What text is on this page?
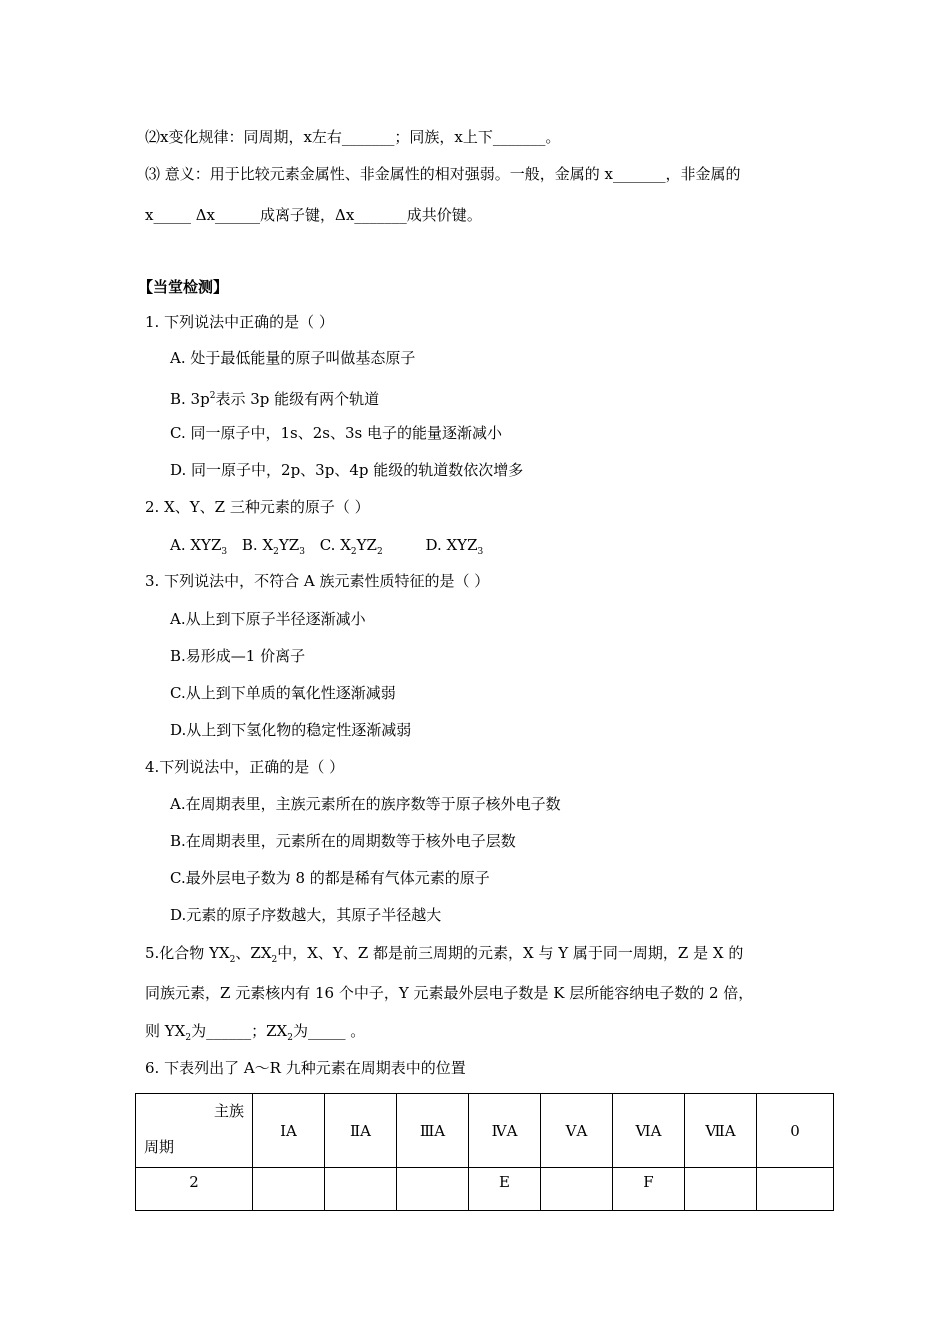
⑵x变化规律：同周期，x左右_______；同族，x上下_______。
⑶ 意义：用于比较元素金属性、非金属性的相对强弱。一般，金属的 x_______，非金属的
x_____ Δx______成离子键，Δx_______成共价键。
【当堂检测】
1. 下列说法中正确的是（ ）
A. 处于最低能量的原子叫做基态原子
B. $3p^2$表示 3p 能级有两个轨道
C. 同一原子中，1s、2s、3s 电子的能量逐渐减小
D. 同一原子中，2p、3p、4p 能级的轨道数依次增多
2. X、Y、Z 三种元素的原子（ ）
A. $XYZ_3$ B. $X_2YZ_3$ C. $X_2YZ_2$	D. $XYZ_3$
3. 下列说法中，不符合 A 族元素性质特征的是（ ）
A.从上到下原子半径逐渐减小
B.易形成—1 价离子
C.从上到下单质的氧化性逐渐减弱
D.从上到下氢化物的稳定性逐渐减弱
4.下列说法中，正确的是（ ）
A.在周期表里，主族元素所在的族序数等于原子核外电子数
B.在周期表里，元素所在的周期数等于核外电子层数
C.最外层电子数为 8 的都是稀有气体元素的原子
D.元素的原子序数越大，其原子半径越大
5.化合物 $YX_2$、$ZX_2$中，X、Y、Z 都是前三周期的元素，X 与 Y 属于同一周期，Z 是 X 的
同族元素，Z 元素核内有 16 个中子，Y 元素最外层电子数是 K 层所能容纳电子数的 2 倍，
则 $YX_2$为______；$ZX_2$为_____ 。
6. 下表列出了 A～R 九种元素在周期表中的位置
主族
周期	ⅠA	ⅡA	ⅢA	ⅣA	ⅤA	ⅥA	ⅦA	0
2				E		F		
